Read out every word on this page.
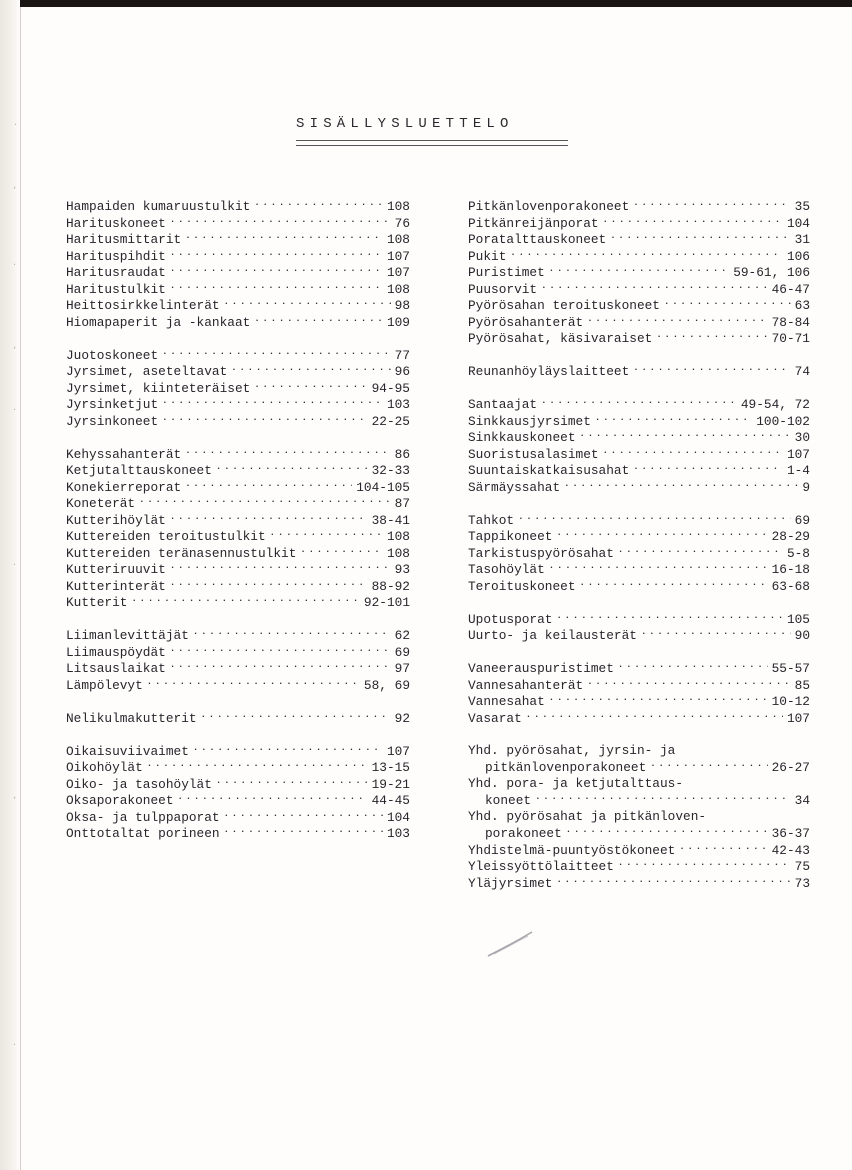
·
‚
·
‚
·
·
‚
·
SISÄLLYSLUETTELO
Hampaiden kumaruustulkit . . .	108
Harituskoneet . . .	76
Haritusmittarit . . .	108
Harituspihdit . . .	107
Haritusraudat . . .	107
Haritustulkit . . .	108
Heittosirkkelinterät . . .	98
Hiomapaperit ja -kankaat . . .	109
Juotoskoneet . . .	77
Jyrsimet, aseteltavat . . .	96
Jyrsimet, kiinteteräiset . . .	94-95
Jyrsinketjut . . .	103
Jyrsinkoneet . . .	22-25
Kehyssahanterät . . .	86
Ketjutalttauskoneet . . .	32-33
Konekierreporat . . .	104-105
Koneterät . . .	87
Kutterihöylät . . .	38-41
Kuttereiden teroitustulkit . . .	108
Kuttereiden teränasennustulkit . . .	108
Kutteriruuvit . . .	93
Kutterinterät . . .	88-92
Kutterit . . .	92-101
Liimanlevittäjät . . .	62
Liimauspöydät . . .	69
Litsauslaikat . . .	97
Lämpölevyt . . .	58, 69
Nelikulmakutterit . . .	92
Oikaisuviivaimet . . .	107
Oikohöylät . . .	13-15
Oiko- ja tasohöylät . . .	19-21
Oksaporakoneet . . .	44-45
Oksa- ja tulppaporat . . .	104
Onttotaltat porineen . . .	103
Pitkänlovenporakoneet . . .	35
Pitkänreijänporat . . .	104
Poratalttauskoneet . . .	31
Pukit . . .	106
Puristimet . . .	59-61, 106
Puusorvit . . .	46-47
Pyörösahan teroituskoneet . . .	63
Pyörösahanterät . . .	78-84
Pyörösahat, käsivaraiset . . .	70-71
Reunanhöyläyslaitteet . . .	74
Santaajat . . .	49-54, 72
Sinkkausjyrsimet . . .	100-102
Sinkkauskoneet . . .	30
Suoristusalasimet . . .	107
Suuntaiskatkaisusahat . . .	1-4
Särmäyssahat . . .	9
Tahkot . . .	69
Tappikoneet . . .	28-29
Tarkistuspyörösahat . . .	5-8
Tasohöylät . . .	16-18
Teroituskoneet . . .	63-68
Upotusporat . . .	105
Uurto- ja keilausterät . . .	90
Vaneerauspuristimet . . .	55-57
Vannesahanterät . . .	85
Vannesahat . . .	10-12
Vasarat . . .	107
Yhd. pyörösahat, jyrsin- ja
pitkänlovenporakoneet . . .	26-27
Yhd. pora- ja ketjutalttaus-
koneet . . .	34
Yhd. pyörösahat ja pitkänloven-
porakoneet . . .	36-37
Yhdistelmä-puuntyöstökoneet . . .	42-43
Yleissyöttölaitteet . . .	75
Yläjyrsimet . . .	73
